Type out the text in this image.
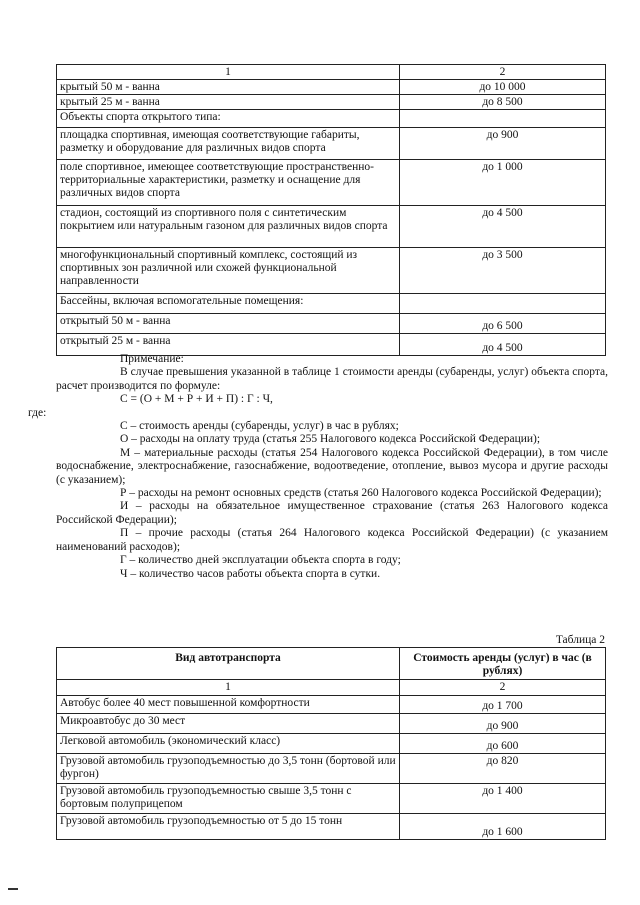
1	2
крытый 50 м - ванна	до 10 000
крытый 25 м - ванна	до 8 500
Объекты спорта открытого типа:	
площадка спортивная, имеющая соответствующие габариты, разметку и оборудование для различных видов спорта	до 900
поле спортивное, имеющее соответствующие пространственно-территориальные характеристики, разметку и оснащение для различных видов спорта	до 1 000
стадион, состоящий из спортивного поля с синтетическим покрытием или натуральным газоном для различных видов спорта	до 4 500
многофункциональный спортивный комплекс, состоящий из спортивных зон различной или схожей функциональной направленности	до 3 500
Бассейны, включая вспомогательные помещения:	
открытый 50 м - ванна	до 6 500
открытый 25 м - ванна	до 4 500

Примечание:

В случае превышения указанной в таблице 1 стоимости аренды (субаренды, услуг) объекта спорта, расчет производится по формуле:

С = (О + М + Р + И + П) : Г : Ч,

где:

С – стоимость аренды (субаренды, услуг) в час в рублях;

О – расходы на оплату труда (статья 255 Налогового кодекса Российской Федерации);

М – материальные расходы (статья 254 Налогового кодекса Российской Федерации), в том числе водоснабжение, электроснабжение, газоснабжение, водоотведение, отопление, вывоз мусора и другие расходы (с указанием);

Р – расходы на ремонт основных средств (статья 260 Налогового кодекса Российской Федерации);

И – расходы на обязательное имущественное страхование (статья 263 Налогового кодекса Российской Федерации);

П – прочие расходы (статья 264 Налогового кодекса Российской Федерации) (с указанием наименований расходов);

Г – количество дней эксплуатации объекта спорта в году;

Ч – количество часов работы объекта спорта в сутки.

Таблица 2
Вид автотранспорта	Стоимость аренды (услуг) в час (в рублях)
1	2
Автобус более 40 мест повышенной комфортности	до 1 700
Микроавтобус до 30 мест	до 900
Легковой автомобиль (экономический класс)	до 600
Грузовой автомобиль грузоподъемностью до 3,5 тонн (бортовой или фургон)	до 820
Грузовой автомобиль грузоподъемностью свыше 3,5 тонн с бортовым полуприцепом	до 1 400
Грузовой автомобиль грузоподъемностью от 5 до 15 тонн	до 1 600
